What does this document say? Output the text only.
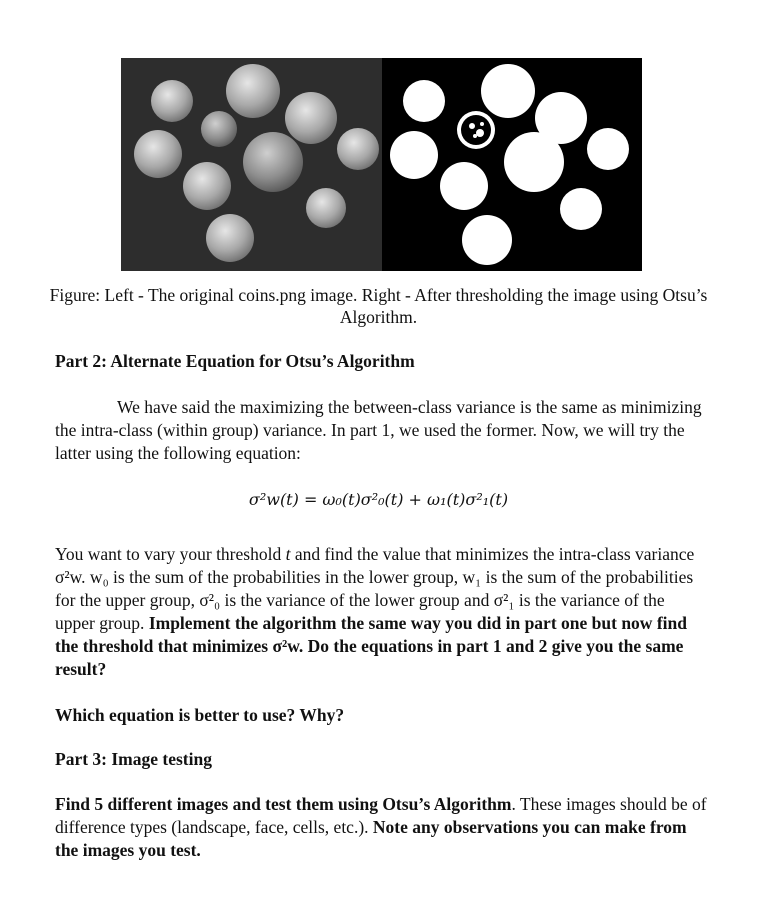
Figure: Left - The original coins.png image. Right - After thresholding the image using Otsu’s Algorithm.
Part 2: Alternate Equation for Otsu’s Algorithm
We have said the maximizing the between-class variance is the same as minimizing the intra-class (within group) variance. In part 1, we used the former. Now, we will try the latter using the following equation:
σ²w(t) = ω₀(t)σ²₀(t) + ω₁(t)σ²₁(t)
You want to vary your threshold t and find the value that minimizes the intra-class variance σ²w. w₀ is the sum of the probabilities in the lower group, w₁ is the sum of the probabilities for the upper group, σ²₀ is the variance of the lower group and σ²₁ is the variance of the upper group. Implement the algorithm the same way you did in part one but now find the threshold that minimizes σ²w. Do the equations in part 1 and 2 give you the same result?
Which equation is better to use? Why?
Part 3: Image testing
Find 5 different images and test them using Otsu’s Algorithm. These images should be of difference types (landscape, face, cells, etc.). Note any observations you can make from the images you test.
